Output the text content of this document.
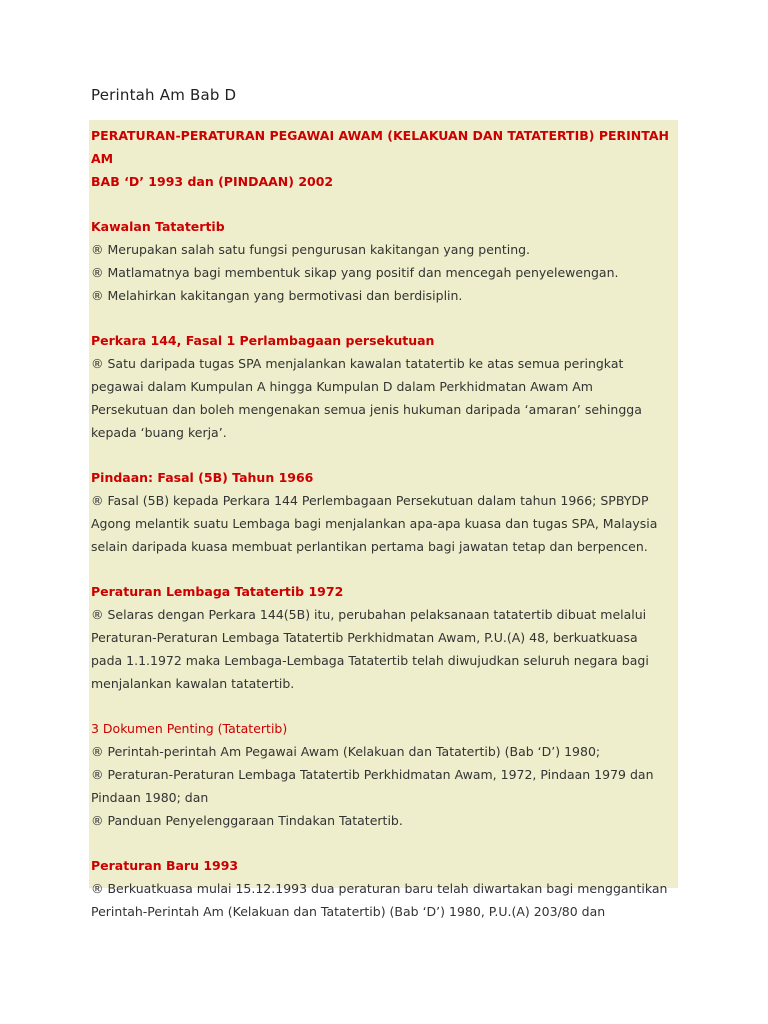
Perintah Am Bab D
PERATURAN-PERATURAN PEGAWAI AWAM (KELAKUAN DAN TATATERTIB) PERINTAH AM
BAB ‘D’ 1993 dan (PINDAAN) 2002
Kawalan Tatatertib
® Merupakan salah satu fungsi pengurusan kakitangan yang penting.
® Matlamatnya bagi membentuk sikap yang positif dan mencegah penyelewengan.
® Melahirkan kakitangan yang bermotivasi dan berdisiplin.
Perkara 144, Fasal 1 Perlambagaan persekutuan
® Satu daripada tugas SPA menjalankan kawalan tatatertib ke atas semua peringkat
pegawai dalam Kumpulan A hingga Kumpulan D dalam Perkhidmatan Awam Am
Persekutuan dan boleh mengenakan semua jenis hukuman daripada ‘amaran’ sehingga
kepada ‘buang kerja’.
Pindaan: Fasal (5B) Tahun 1966
® Fasal (5B) kepada Perkara 144 Perlembagaan Persekutuan dalam tahun 1966; SPBYDP
Agong melantik suatu Lembaga bagi menjalankan apa-apa kuasa dan tugas SPA, Malaysia
selain daripada kuasa membuat perlantikan pertama bagi jawatan tetap dan berpencen.
Peraturan Lembaga Tatatertib 1972
® Selaras dengan Perkara 144(5B) itu, perubahan pelaksanaan tatatertib dibuat melalui
Peraturan-Peraturan Lembaga Tatatertib Perkhidmatan Awam, P.U.(A) 48, berkuatkuasa
pada 1.1.1972 maka Lembaga-Lembaga Tatatertib telah diwujudkan seluruh negara bagi
menjalankan kawalan tatatertib.
3 Dokumen Penting (Tatatertib)
® Perintah-perintah Am Pegawai Awam (Kelakuan dan Tatatertib) (Bab ‘D’) 1980;
® Peraturan-Peraturan Lembaga Tatatertib Perkhidmatan Awam, 1972, Pindaan 1979 dan
Pindaan 1980; dan
® Panduan Penyelenggaraan Tindakan Tatatertib.
Peraturan Baru 1993
® Berkuatkuasa mulai 15.12.1993 dua peraturan baru telah diwartakan bagi menggantikan
Perintah-Perintah Am (Kelakuan dan Tatatertib) (Bab ‘D’) 1980, P.U.(A) 203/80 dan
